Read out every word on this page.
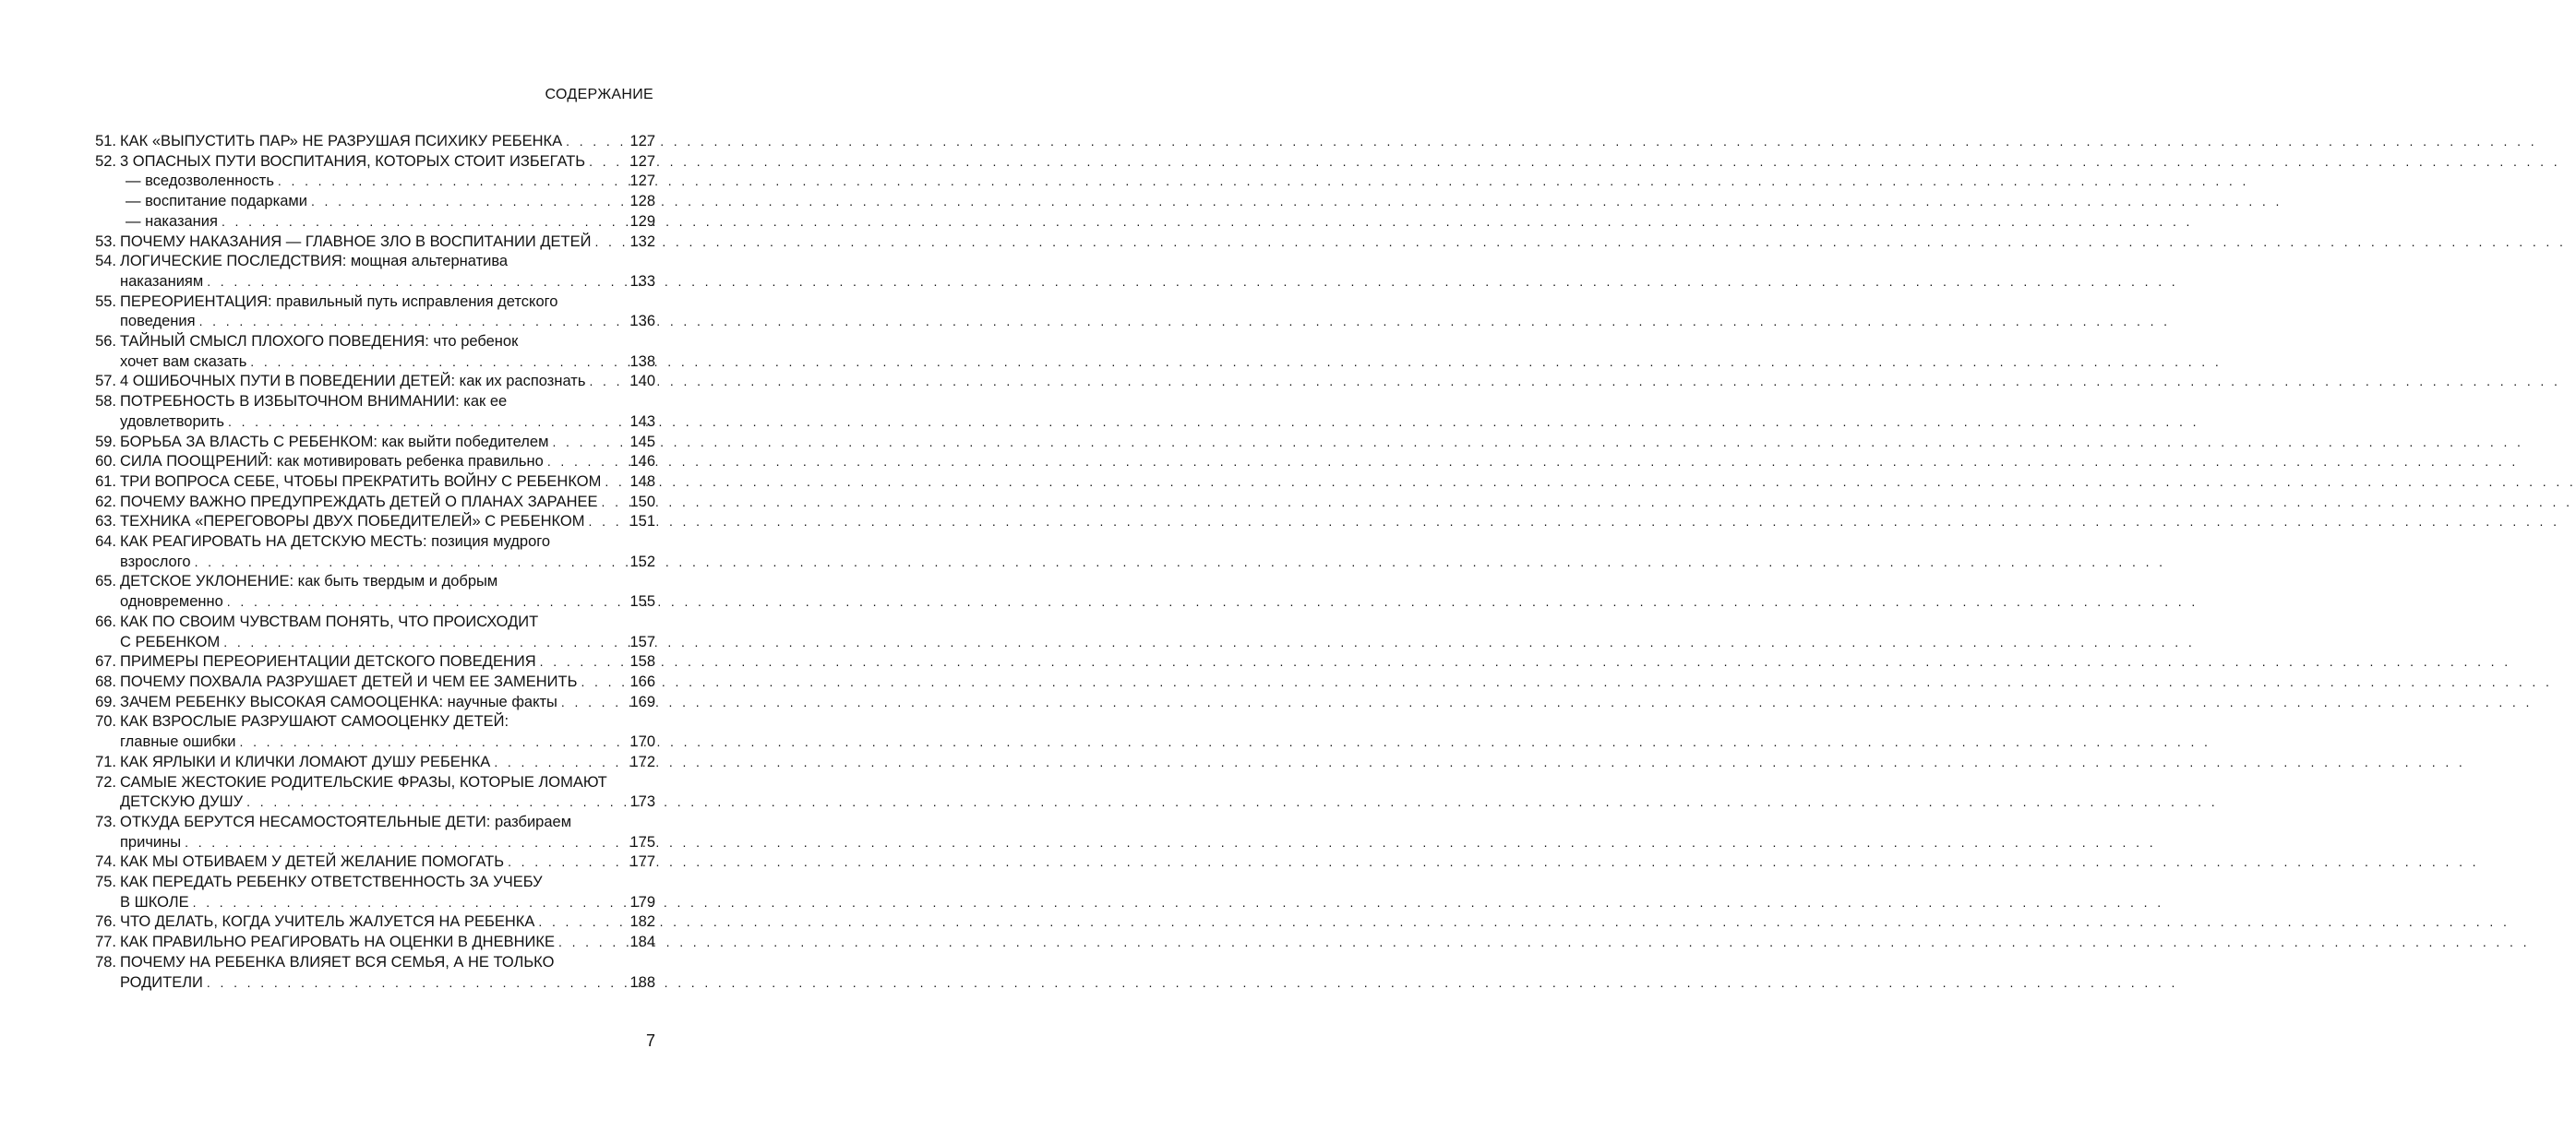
СОДЕРЖАНИЕ
51. КАК «ВЫПУСТИТЬ ПАР» НЕ РАЗРУШАЯ ПСИХИКУ РЕБЕНКА . . .	127
52. 3 ОПАСНЫХ ПУТИ ВОСПИТАНИЯ, КОТОРЫХ СТОИТ ИЗБЕГАТЬ . . .	127
— вседозволенность . . .	127
— воспитание подарками . . .	128
— наказания . . .	129
53. ПОЧЕМУ НАКАЗАНИЯ — ГЛАВНОЕ ЗЛО В ВОСПИТАНИИ ДЕТЕЙ . . .	132
54. ЛОГИЧЕСКИЕ ПОСЛЕДСТВИЯ: мощная альтернатива
наказаниям . . .	133
55. ПЕРЕОРИЕНТАЦИЯ: правильный путь исправления детского
поведения . . .	136
56. ТАЙНЫЙ СМЫСЛ ПЛОХОГО ПОВЕДЕНИЯ: что ребенок
хочет вам сказать . . .	138
57. 4 ОШИБОЧНЫХ ПУТИ В ПОВЕДЕНИИ ДЕТЕЙ: как их распознать . . .	140
58. ПОТРЕБНОСТЬ В ИЗБЫТОЧНОМ ВНИМАНИИ: как ее
удовлетворить . . .	143
59. БОРЬБА ЗА ВЛАСТЬ С РЕБЕНКОМ: как выйти победителем . . .	145
60. СИЛА ПООЩРЕНИЙ: как мотивировать ребенка правильно . . .	146
61. ТРИ ВОПРОСА СЕБЕ, ЧТОБЫ ПРЕКРАТИТЬ ВОЙНУ С РЕБЕНКОМ . . . 148
62. ПОЧЕМУ ВАЖНО ПРЕДУПРЕЖДАТЬ ДЕТЕЙ О ПЛАНАХ ЗАРАНЕЕ . . . 150
63. ТЕХНИКА «ПЕРЕГОВОРЫ ДВУХ ПОБЕДИТЕЛЕЙ» С РЕБЕНКОМ . . .	151
64. КАК РЕАГИРОВАТЬ НА ДЕТСКУЮ МЕСТЬ: позиция мудрого
взрослого . . .	152
65. ДЕТСКОЕ УКЛОНЕНИЕ: как быть твердым и добрым
одновременно . . .	155
66. КАК ПО СВОИМ ЧУВСТВАМ ПОНЯТЬ, ЧТО ПРОИСХОДИТ
С РЕБЕНКОМ . . .	157
67. ПРИМЕРЫ ПЕРЕОРИЕНТАЦИИ ДЕТСКОГО ПОВЕДЕНИЯ . . .	158
68. ПОЧЕМУ ПОХВАЛА РАЗРУШАЕТ ДЕТЕЙ И ЧЕМ ЕЕ ЗАМЕНИТЬ . . .	166
69. ЗАЧЕМ РЕБЕНКУ ВЫСОКАЯ САМООЦЕНКА: научные факты . . .	169
70. КАК ВЗРОСЛЫЕ РАЗРУШАЮТ САМООЦЕНКУ ДЕТЕЙ:
главные ошибки . . .	170
71. КАК ЯРЛЫКИ И КЛИЧКИ ЛОМАЮТ ДУШУ РЕБЕНКА . . .	172
72. САМЫЕ ЖЕСТОКИЕ РОДИТЕЛЬСКИЕ ФРАЗЫ, КОТОРЫЕ ЛОМАЮТ
ДЕТСКУЮ ДУШУ . . .	173
73. ОТКУДА БЕРУТСЯ НЕСАМОСТОЯТЕЛЬНЫЕ ДЕТИ: разбираем
причины . . .	175
74. КАК МЫ ОТБИВАЕМ У ДЕТЕЙ ЖЕЛАНИЕ ПОМОГАТЬ . . .	177
75. КАК ПЕРЕДАТЬ РЕБЕНКУ ОТВЕТСТВЕННОСТЬ ЗА УЧЕБУ
В ШКОЛЕ . . .	179
76. ЧТО ДЕЛАТЬ, КОГДА УЧИТЕЛЬ ЖАЛУЕТСЯ НА РЕБЕНКА . . .	182
77. КАК ПРАВИЛЬНО РЕАГИРОВАТЬ НА ОЦЕНКИ В ДНЕВНИКЕ . . .	184
78. ПОЧЕМУ НА РЕБЕНКА ВЛИЯЕТ ВСЯ СЕМЬЯ, А НЕ ТОЛЬКО
РОДИТЕЛИ . . .	188
7
